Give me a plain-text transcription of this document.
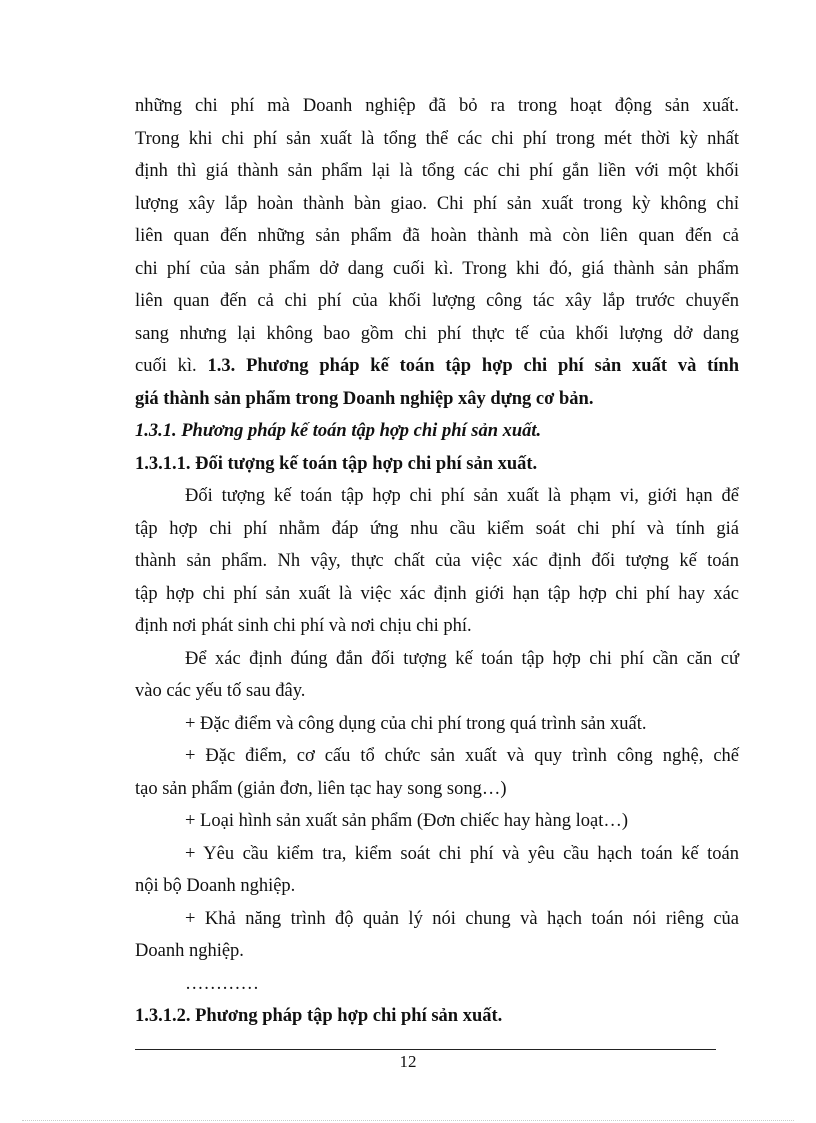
những chi phí mà Doanh nghiệp đã bỏ ra trong hoạt động sản xuất.

Trong khi chi phí sản xuất là tổng thể các chi phí trong mét thời kỳ nhất

định thì giá thành sản phẩm lại là tổng các chi phí gắn liền với một khối

lượng xây lắp hoàn thành bàn giao. Chi phí sản xuất trong kỳ không chỉ

liên quan đến những sản phẩm đã hoàn thành mà còn liên quan đến cả

chi phí của sản phẩm dở dang cuối kì. Trong khi đó, giá thành sản phẩm

liên quan đến cả chi phí của khối lượng công tác xây lắp trước chuyển

sang nhưng lại không bao gồm chi phí thực tế của khối lượng dở dang

cuối kì. 1.3. Phương pháp kế toán tập hợp chi phí sản xuất và tính

giá thành sản phẩm trong Doanh nghiệp xây dựng cơ bản.

1.3.1. Phương pháp kế toán tập hợp chi phí sản xuất.

1.3.1.1. Đối tượng kế toán tập hợp chi phí sản xuất.

Đối tượng kế toán tập hợp chi phí sản xuất là phạm vi, giới hạn để

tập hợp chi phí nhằm đáp ứng nhu cầu kiểm soát chi phí và tính giá

thành sản phẩm. Nh vậy, thực chất của việc xác định đối tượng kế toán

tập hợp chi phí sản xuất là việc xác định giới hạn tập hợp chi phí hay xác

định nơi phát sinh chi phí và nơi chịu chi phí.

Để xác định đúng đắn đối tượng kế toán tập hợp chi phí cần căn cứ

vào các yếu tố sau đây.

+ Đặc điểm và công dụng của chi phí trong quá trình sản xuất.

+ Đặc điểm, cơ cấu tổ chức sản xuất và quy trình công nghệ, chế

tạo sản phẩm (giản đơn, liên tạc hay song song…)

+ Loại hình sản xuất sản phẩm (Đơn chiếc hay hàng loạt…)

+ Yêu cầu kiểm tra, kiểm soát chi phí và yêu cầu hạch toán kế toán

nội bộ Doanh nghiệp.

+ Khả năng trình độ quản lý nói chung và hạch toán nói riêng của

Doanh nghiệp.

…………

1.3.1.2. Phương pháp tập hợp chi phí sản xuất.

12
